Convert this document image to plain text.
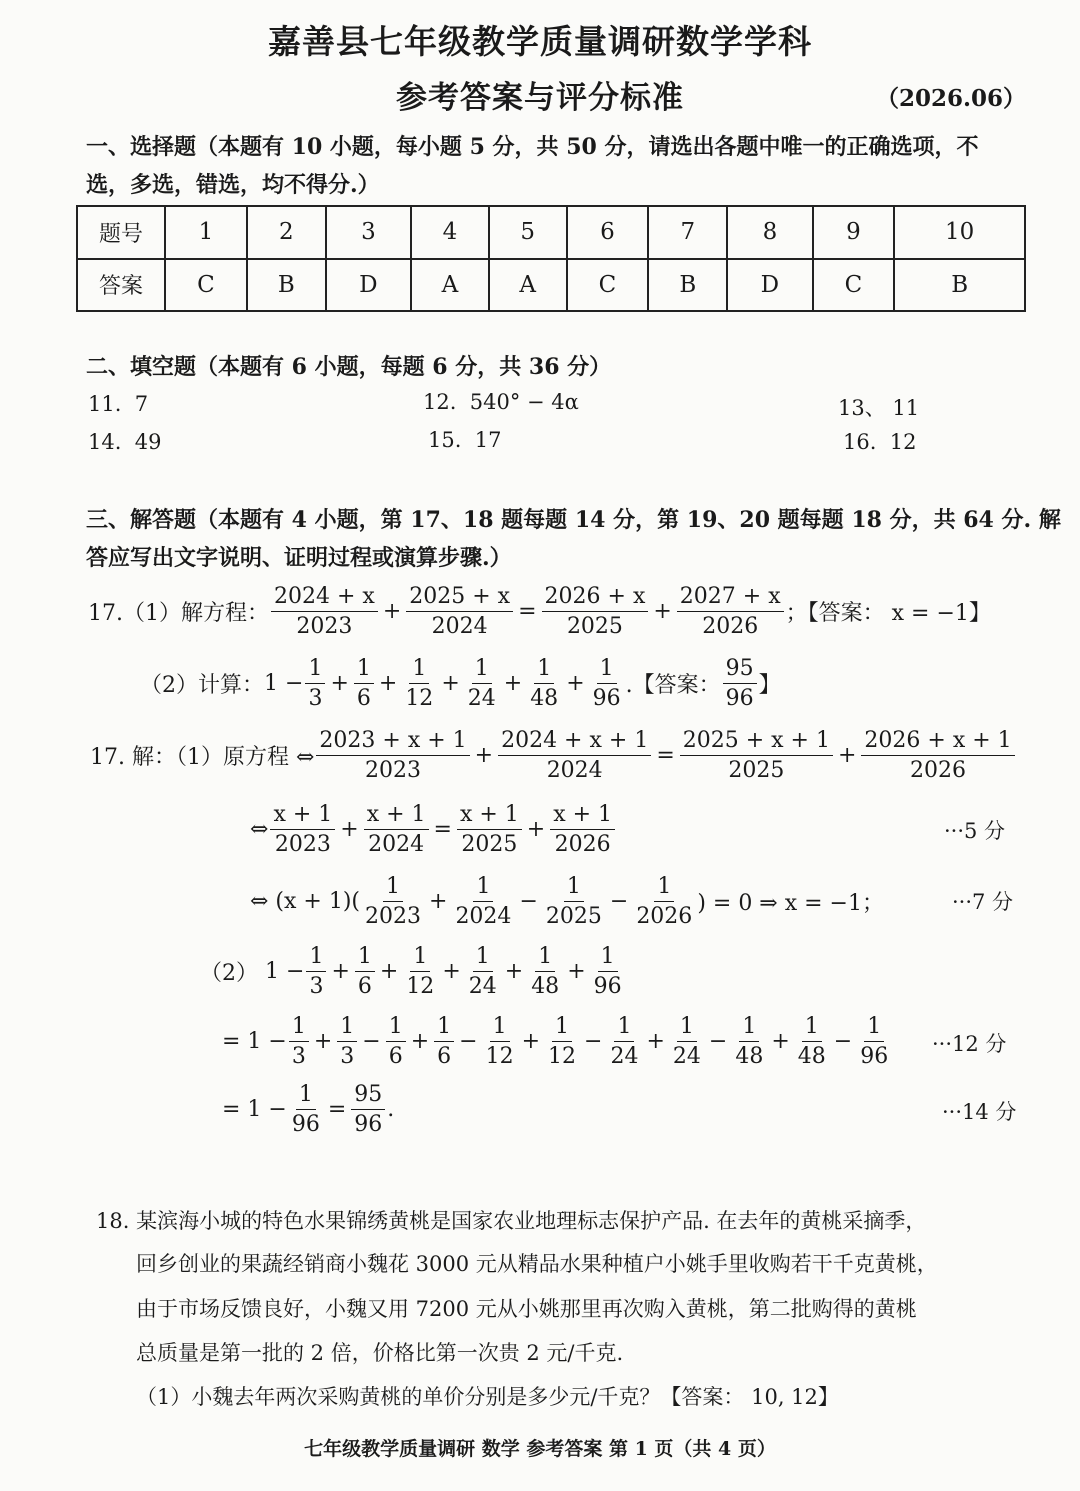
嘉善县七年级教学质量调研数学学科
参考答案与评分标准	（2026.06）
一、选择题（本题有 10 小题，每小题 5 分，共 50 分，请选出各题中唯一的正确选项，不
选，多选，错选，均不得分.）
题号	1	2	3	4	5	6	7	8	9	10
答案	C	B	D	A	A	C	B	D	C	B
二、填空题（本题有 6 小题，每题 6 分，共 36 分）
11. 7	12. 540° − 4α	13、 11
14. 49	15. 17	16. 12
三、解答题（本题有 4 小题，第 17、18 题每题 14 分，第 19、20 题每题 18 分，共 64 分. 解
答应写出文字说明、证明过程或演算步骤.）
17.（1）解方程：
2024 + x
2023
+ $\frac{2025 + x}{2024} = \frac{2026 + x}{2025} + \frac{2027 + x}{2026}$ ；【答案： x = −1】
（2）计算： $1 - \frac{1}{3} + \frac{1}{6} + \frac{1}{12} + \frac{1}{24} + \frac{1}{48} + \frac{1}{96}$ .【答案：
95
96
】
17. 解：（1）原方程 ⇔
2023 + x + 1
2023
+ $\frac{2024 + x + 1}{2024} = \frac{2025 + x + 1}{2025} + \frac{2026 + x + 1}{2026}$
⇔
x + 1
2023
+ $\frac{x + 1}{2024} = \frac{x + 1}{2025} + \frac{x + 1}{2026}$	···5 分
⇔ (x + 1)(
1
2023
+ $\frac{1}{2024} - \frac{1}{2025} - \frac{1}{2026}$ ) = 0 ⇒ x = −1；	···7 分
（2）
$1 - \frac{1}{3} + \frac{1}{6} + \frac{1}{12} + \frac{1}{24} + \frac{1}{48} + \frac{1}{96}$
= $1 - \frac{1}{3} + \frac{1}{3} - \frac{1}{6} + \frac{1}{6} - \frac{1}{12} + \frac{1}{12} - \frac{1}{24} + \frac{1}{24} - \frac{1}{48} + \frac{1}{48} - \frac{1}{96} \cdot\cdot\cdot 12$ 分
= $1 - \frac{1}{96} = \frac{95}{96}$ .	···14 分
18. 某滨海小城的特色水果锦绣黄桃是国家农业地理标志保护产品. 在去年的黄桃采摘季，
回乡创业的果蔬经销商小魏花 3000 元从精品水果种植户小姚手里收购若干千克黄桃，
由于市场反馈良好，小魏又用 7200 元从小姚那里再次购入黄桃，第二批购得的黄桃
总质量是第一批的 2 倍，价格比第一次贵 2 元/千克.
（1）小魏去年两次采购黄桃的单价分别是多少元/千克？【答案： 10, 12】
七年级教学质量调研 数学 参考答案 第 1 页（共 4 页）
